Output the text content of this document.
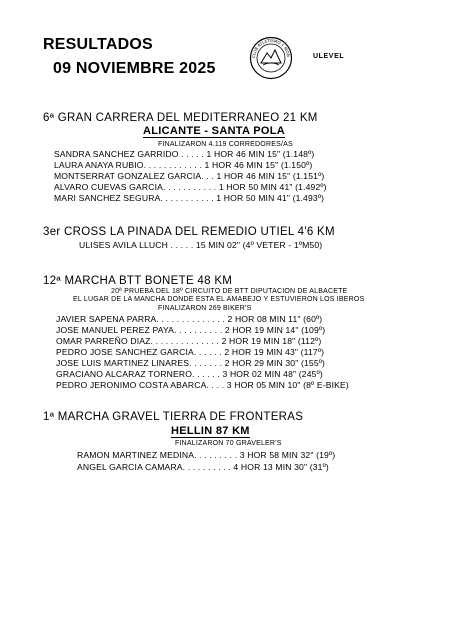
RESULTADOS
09 NOVIEMBRE 2025
CLUB ATLETISMO Y MON	ULEVEL
6ª GRAN CARRERA DEL MEDITERRANEO 21 KM
ALICANTE - SANTA POLA
FINALIZARON 4.119 CORREDORES/AS
SANDRA SANCHEZ GARRIDO . . . . . 1 HOR 46 MIN 15" (1.148º)
LAURA ANAYA RUBIO. . . . . . . . . . . . 1 HOR 46 MIN 15" (1.150º)
MONTSERRAT GONZALEZ GARCIA. . . 1 HOR 46 MIN 15" (1.151º)
ALVARO CUEVAS GARCIA. . . . . . . . . . . 1 HOR 50 MIN 41" (1.492º)
MARI SANCHEZ SEGURA. . . . . . . . . . . 1 HOR 50 MIN 41" (1.493º)
3er CROSS LA PINADA DEL REMEDIO UTIEL 4'6 KM
ULISES AVILA LLUCH . . . . . 15 MIN 02" (4º VETER - 1ºM50)
12ª MARCHA BTT BONETE 48 KM
20ª PRUEBA DEL 18º CIRCUITO DE BTT DIPUTACION DE ALBACETE
EL LUGAR DE LA MANCHA DONDE ESTA EL AMABEJO Y ESTUVIERON LOS IBEROS
FINALIZARON 269 BIKER'S
JAVIER SAPENA PARRA. . . . . . . . . . . . . . 2 HOR 08 MIN 11" (60º)
JOSE MANUEL PEREZ PAYA. . . . . . . . . . 2 HOR 19 MIN 14" (109º)
OMAR PARREÑO DIAZ. . . . . . . . . . . . . . 2 HOR 19 MIN 18" (112º)
PEDRO JOSE SANCHEZ GARCIA. . . . . . 2 HOR 19 MIN 43" (117º)
JOSE LUIS MARTINEZ LINARES. . . . . . . 2 HOR 29 MIN 30" (155º)
GRACIANO ALCARAZ TORNERO. . . . . . 3 HOR 02 MIN 48" (245º)
PEDRO JERONIMO COSTA ABARCA. . . . 3 HOR 05 MIN 10" (8º E-BIKE)
1ª MARCHA GRAVEL TIERRA DE FRONTERAS
HELLIN 87 KM
FINALIZARON 70 GRAVELER'S
RAMON MARTINEZ MEDINA. . . . . . . . . 3 HOR 58 MIN 32" (19º)
ANGEL GARCIA CAMARA. . . . . . . . . . 4 HOR 13 MIN 30" (31º)
